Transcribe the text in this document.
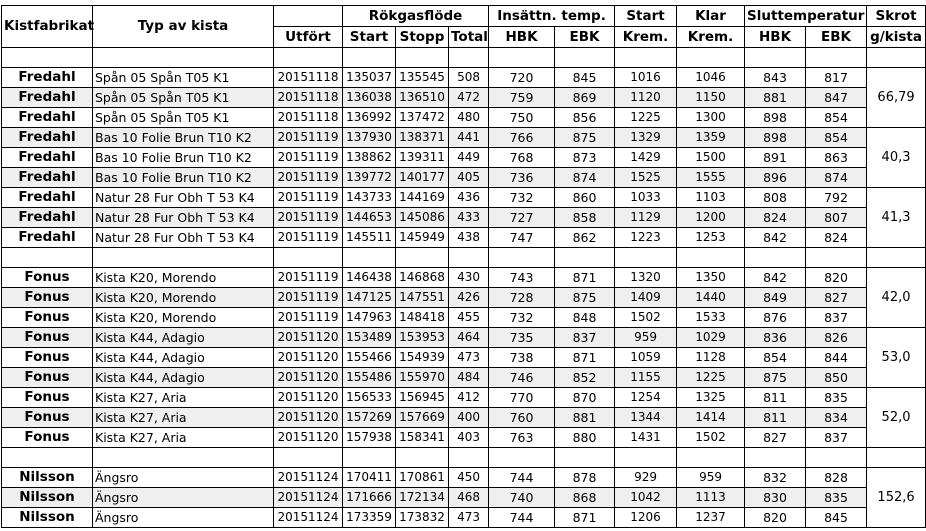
Kistfabrikat	Typ av kista		Rökgasflöde			Insättn. temp.		Start	Klar	Sluttemperatur		Skrot
		Utfört	Start	Stopp	Total	HBK	EBK	Krem.	Krem.	HBK	EBK	g/kista

Fredahl	Spån 05 Spån T05 K1	20151118	135037	135545	508	720	845	1016	1046	843	817	66,79
Fredahl	Spån 05 Spån T05 K1	20151118	136038	136510	472	759	869	1120	1150	881	847	
Fredahl	Spån 05 Spån T05 K1	20151118	136992	137472	480	750	856	1225	1300	898	854	
Fredahl	Bas 10 Folie Brun T10 K2	20151119	137930	138371	441	766	875	1329	1359	898	854	40,3
Fredahl	Bas 10 Folie Brun T10 K2	20151119	138862	139311	449	768	873	1429	1500	891	863	
Fredahl	Bas 10 Folie Brun T10 K2	20151119	139772	140177	405	736	874	1525	1555	896	874	
Fredahl	Natur 28 Fur Obh T 53 K4	20151119	143733	144169	436	732	860	1033	1103	808	792	41,3
Fredahl	Natur 28 Fur Obh T 53 K4	20151119	144653	145086	433	727	858	1129	1200	824	807	
Fredahl	Natur 28 Fur Obh T 53 K4	20151119	145511	145949	438	747	862	1223	1253	842	824	

Fonus	Kista K20, Morendo	20151119	146438	146868	430	743	871	1320	1350	842	820	42,0
Fonus	Kista K20, Morendo	20151119	147125	147551	426	728	875	1409	1440	849	827	
Fonus	Kista K20, Morendo	20151119	147963	148418	455	732	848	1502	1533	876	837	
Fonus	Kista K44, Adagio	20151120	153489	153953	464	735	837	959	1029	836	826	53,0
Fonus	Kista K44, Adagio	20151120	155466	154939	473	738	871	1059	1128	854	844	
Fonus	Kista K44, Adagio	20151120	155486	155970	484	746	852	1155	1225	875	850	
Fonus	Kista K27, Aria	20151120	156533	156945	412	770	870	1254	1325	811	835	52,0
Fonus	Kista K27, Aria	20151120	157269	157669	400	760	881	1344	1414	811	834	
Fonus	Kista K27, Aria	20151120	157938	158341	403	763	880	1431	1502	827	837	

Nilsson	Ängsro	20151124	170411	170861	450	744	878	929	959	832	828	152,6
Nilsson	Ängsro	20151124	171666	172134	468	740	868	1042	1113	830	835	
Nilsson	Ängsro	20151124	173359	173832	473	744	871	1206	1237	820	845	
